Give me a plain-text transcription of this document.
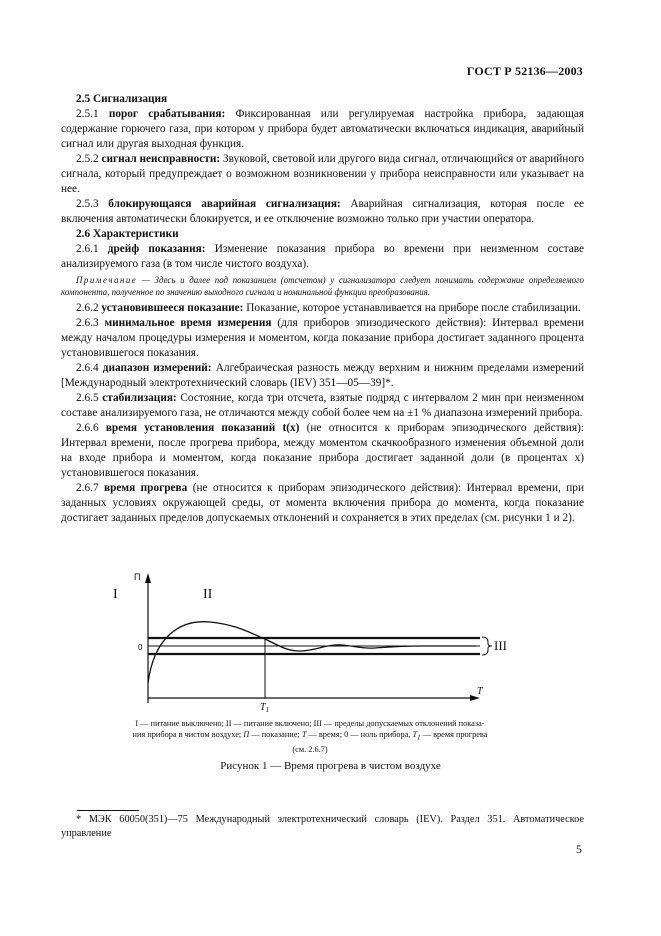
ГОСТ Р 52136—2003

2.5 Сигнализация

2.5.1 порог срабатывания: Фиксированная или регулируемая настройка прибора, задающая содержание горючего газа, при котором у прибора будет автоматически включаться индикация, аварийный сигнал или другая выходная функция.

2.5.2 сигнал неисправности: Звуковой, световой или другого вида сигнал, отличающийся от аварийного сигнала, который предупреждает о возможном возникновении у прибора неисправности или указывает на нее.

2.5.3 блокирующаяся аварийная сигнализация: Аварийная сигнализация, которая после ее включения автоматически блокируется, и ее отключение возможно только при участии оператора.

2.6 Характеристики

2.6.1 дрейф показания: Изменение показания прибора во времени при неизменном составе анализируемого газа (в том числе чистого воздуха).

Примечание — Здесь и далее под показанием (отсчетом) у сигнализатора следует понимать содержание определяемого компонента, полученное по значению выходного сигнала и номинальной функции преобразования.

2.6.2 установившееся показание: Показание, которое устанавливается на приборе после стабилизации.

2.6.3 минимальное время измерения (для приборов эпизодического действия): Интервал времени между началом процедуры измерения и моментом, когда показание прибора достигает заданного процента установившегося показания.

2.6.4 диапазон измерений: Алгебраическая разность между верхним и нижним пределами измерений [Международный электротехнический словарь (IEV) 351—05—39]*.

2.6.5 стабилизация: Состояние, когда три отсчета, взятые подряд с интервалом 2 мин при неизменном составе анализируемого газа, не отличаются между собой более чем на ±1 % диапазона измерений прибора.

2.6.6 время установления показаний t(x) (не относится к приборам эпизодического действия): Интервал времени, после прогрева прибора, между моментом скачкообразного изменения объемной доли на входе прибора и моментом, когда показание прибора достигает заданной доли (в процентах x) установившегося показания.

2.6.7 время прогрева (не относится к приборам эпизодического действия): Интервал времени, при заданных условиях окружающей среды, от момента включения прибора до момента, когда показание достигает заданных пределов допускаемых отклонений и сохраняется в этих пределах (см. рисунки 1 и 2).

I	II
III
П
0
T
$T_1$
I — питание выключено; II — питание включено; III — пределы допускаемых отклонений показа-
ния прибора в чистом воздухе; П — показание; T — время; 0 — ноль прибора, $T_1$ — время прогрева
(см. 2.6.7)
Рисунок 1 — Время прогрева в чистом воздухе
* МЭК 60050(351)—75 Международный электротехнический словарь (IEV). Раздел 351. Автоматическое управление
5
